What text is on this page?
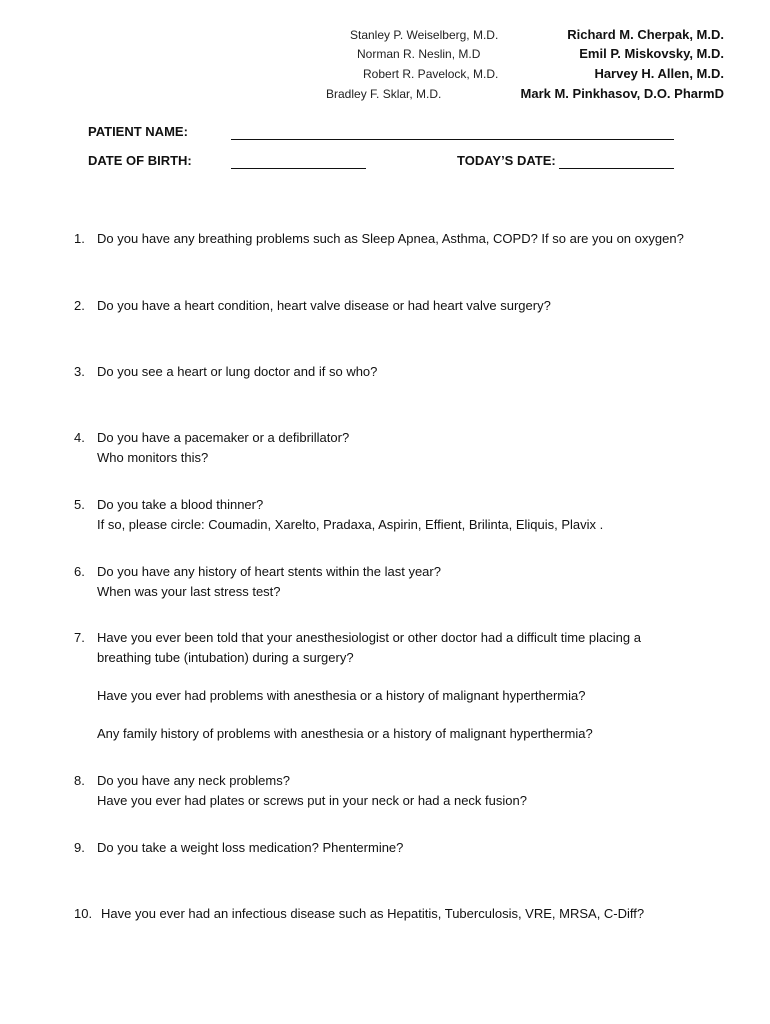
Stanley P. Weiselberg, M.D.
Norman R. Neslin, M.D
Robert R. Pavelock, M.D.
Bradley F. Sklar, M.D.
Richard M. Cherpak, M.D.
Emil P. Miskovsky, M.D.
Harvey H. Allen, M.D.
Mark M. Pinkhasov, D.O. PharmD
PATIENT NAME:
DATE OF BIRTH:	TODAY’S DATE:
1. Do you have any breathing problems such as Sleep Apnea, Asthma, COPD? If so are you on oxygen?
2. Do you have a heart condition, heart valve disease or had heart valve surgery?
3. Do you see a heart or lung doctor and if so who?
4. Do you have a pacemaker or a defibrillator?
Who monitors this?
5. Do you take a blood thinner?
If so, please circle: Coumadin, Xarelto, Pradaxa, Aspirin, Effient, Brilinta, Eliquis, Plavix .
6. Do you have any history of heart stents within the last year?
When was your last stress test?
7. Have you ever been told that your anesthesiologist or other doctor had a difficult time placing a
breathing tube (intubation) during a surgery?
Have you ever had problems with anesthesia or a history of malignant hyperthermia?
Any family history of problems with anesthesia or a history of malignant hyperthermia?
8. Do you have any neck problems?
Have you ever had plates or screws put in your neck or had a neck fusion?
9. Do you take a weight loss medication? Phentermine?
10. Have you ever had an infectious disease such as Hepatitis, Tuberculosis, VRE, MRSA, C-Diff?
